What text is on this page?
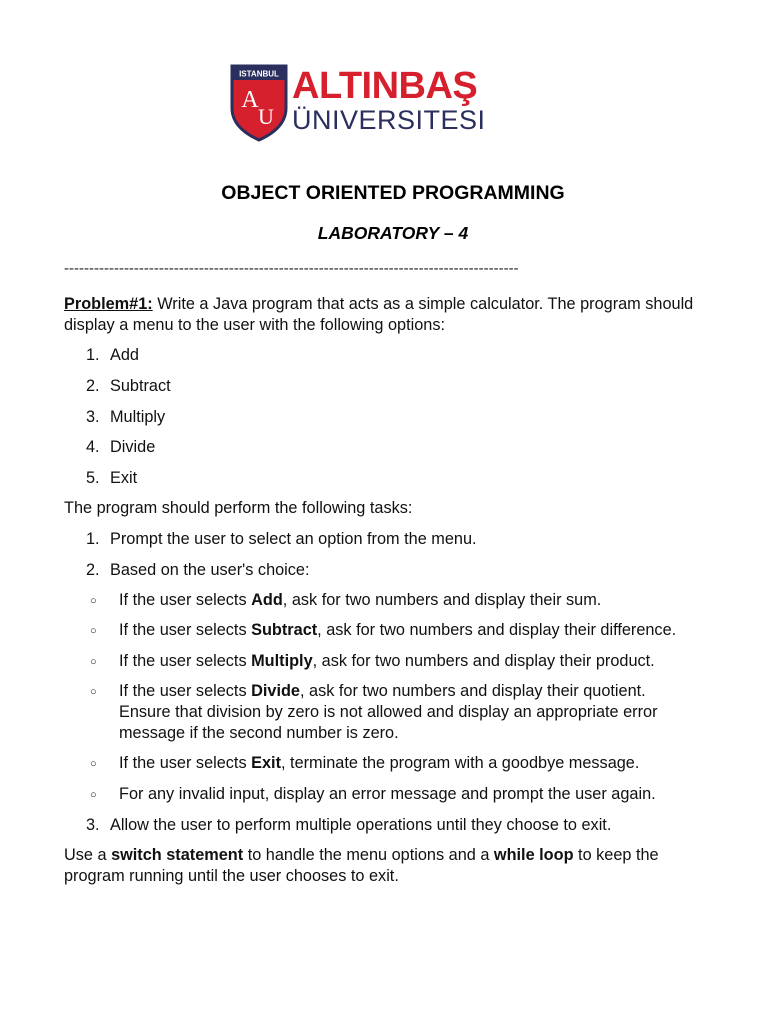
ISTANBUL
A
U
ALTINBAŞ
ÜNIVERSITESI
OBJECT ORIENTED PROGRAMMING
LABORATORY – 4
-------------------------------------------------------------------------------------------
Problem#1: Write a Java program that acts as a simple calculator. The program should display a menu to the user with the following options:
1. Add
2. Subtract
3. Multiply
4. Divide
5. Exit
The program should perform the following tasks:
1. Prompt the user to select an option from the menu.
2. Based on the user's choice:
○ If the user selects Add, ask for two numbers and display their sum.
○ If the user selects Subtract, ask for two numbers and display their difference.
○ If the user selects Multiply, ask for two numbers and display their product.
○ If the user selects Divide, ask for two numbers and display their quotient. Ensure that division by zero is not allowed and display an appropriate error message if the second number is zero.
○ If the user selects Exit, terminate the program with a goodbye message.
○ For any invalid input, display an error message and prompt the user again.
3. Allow the user to perform multiple operations until they choose to exit.
Use a switch statement to handle the menu options and a while loop to keep the program running until the user chooses to exit.
